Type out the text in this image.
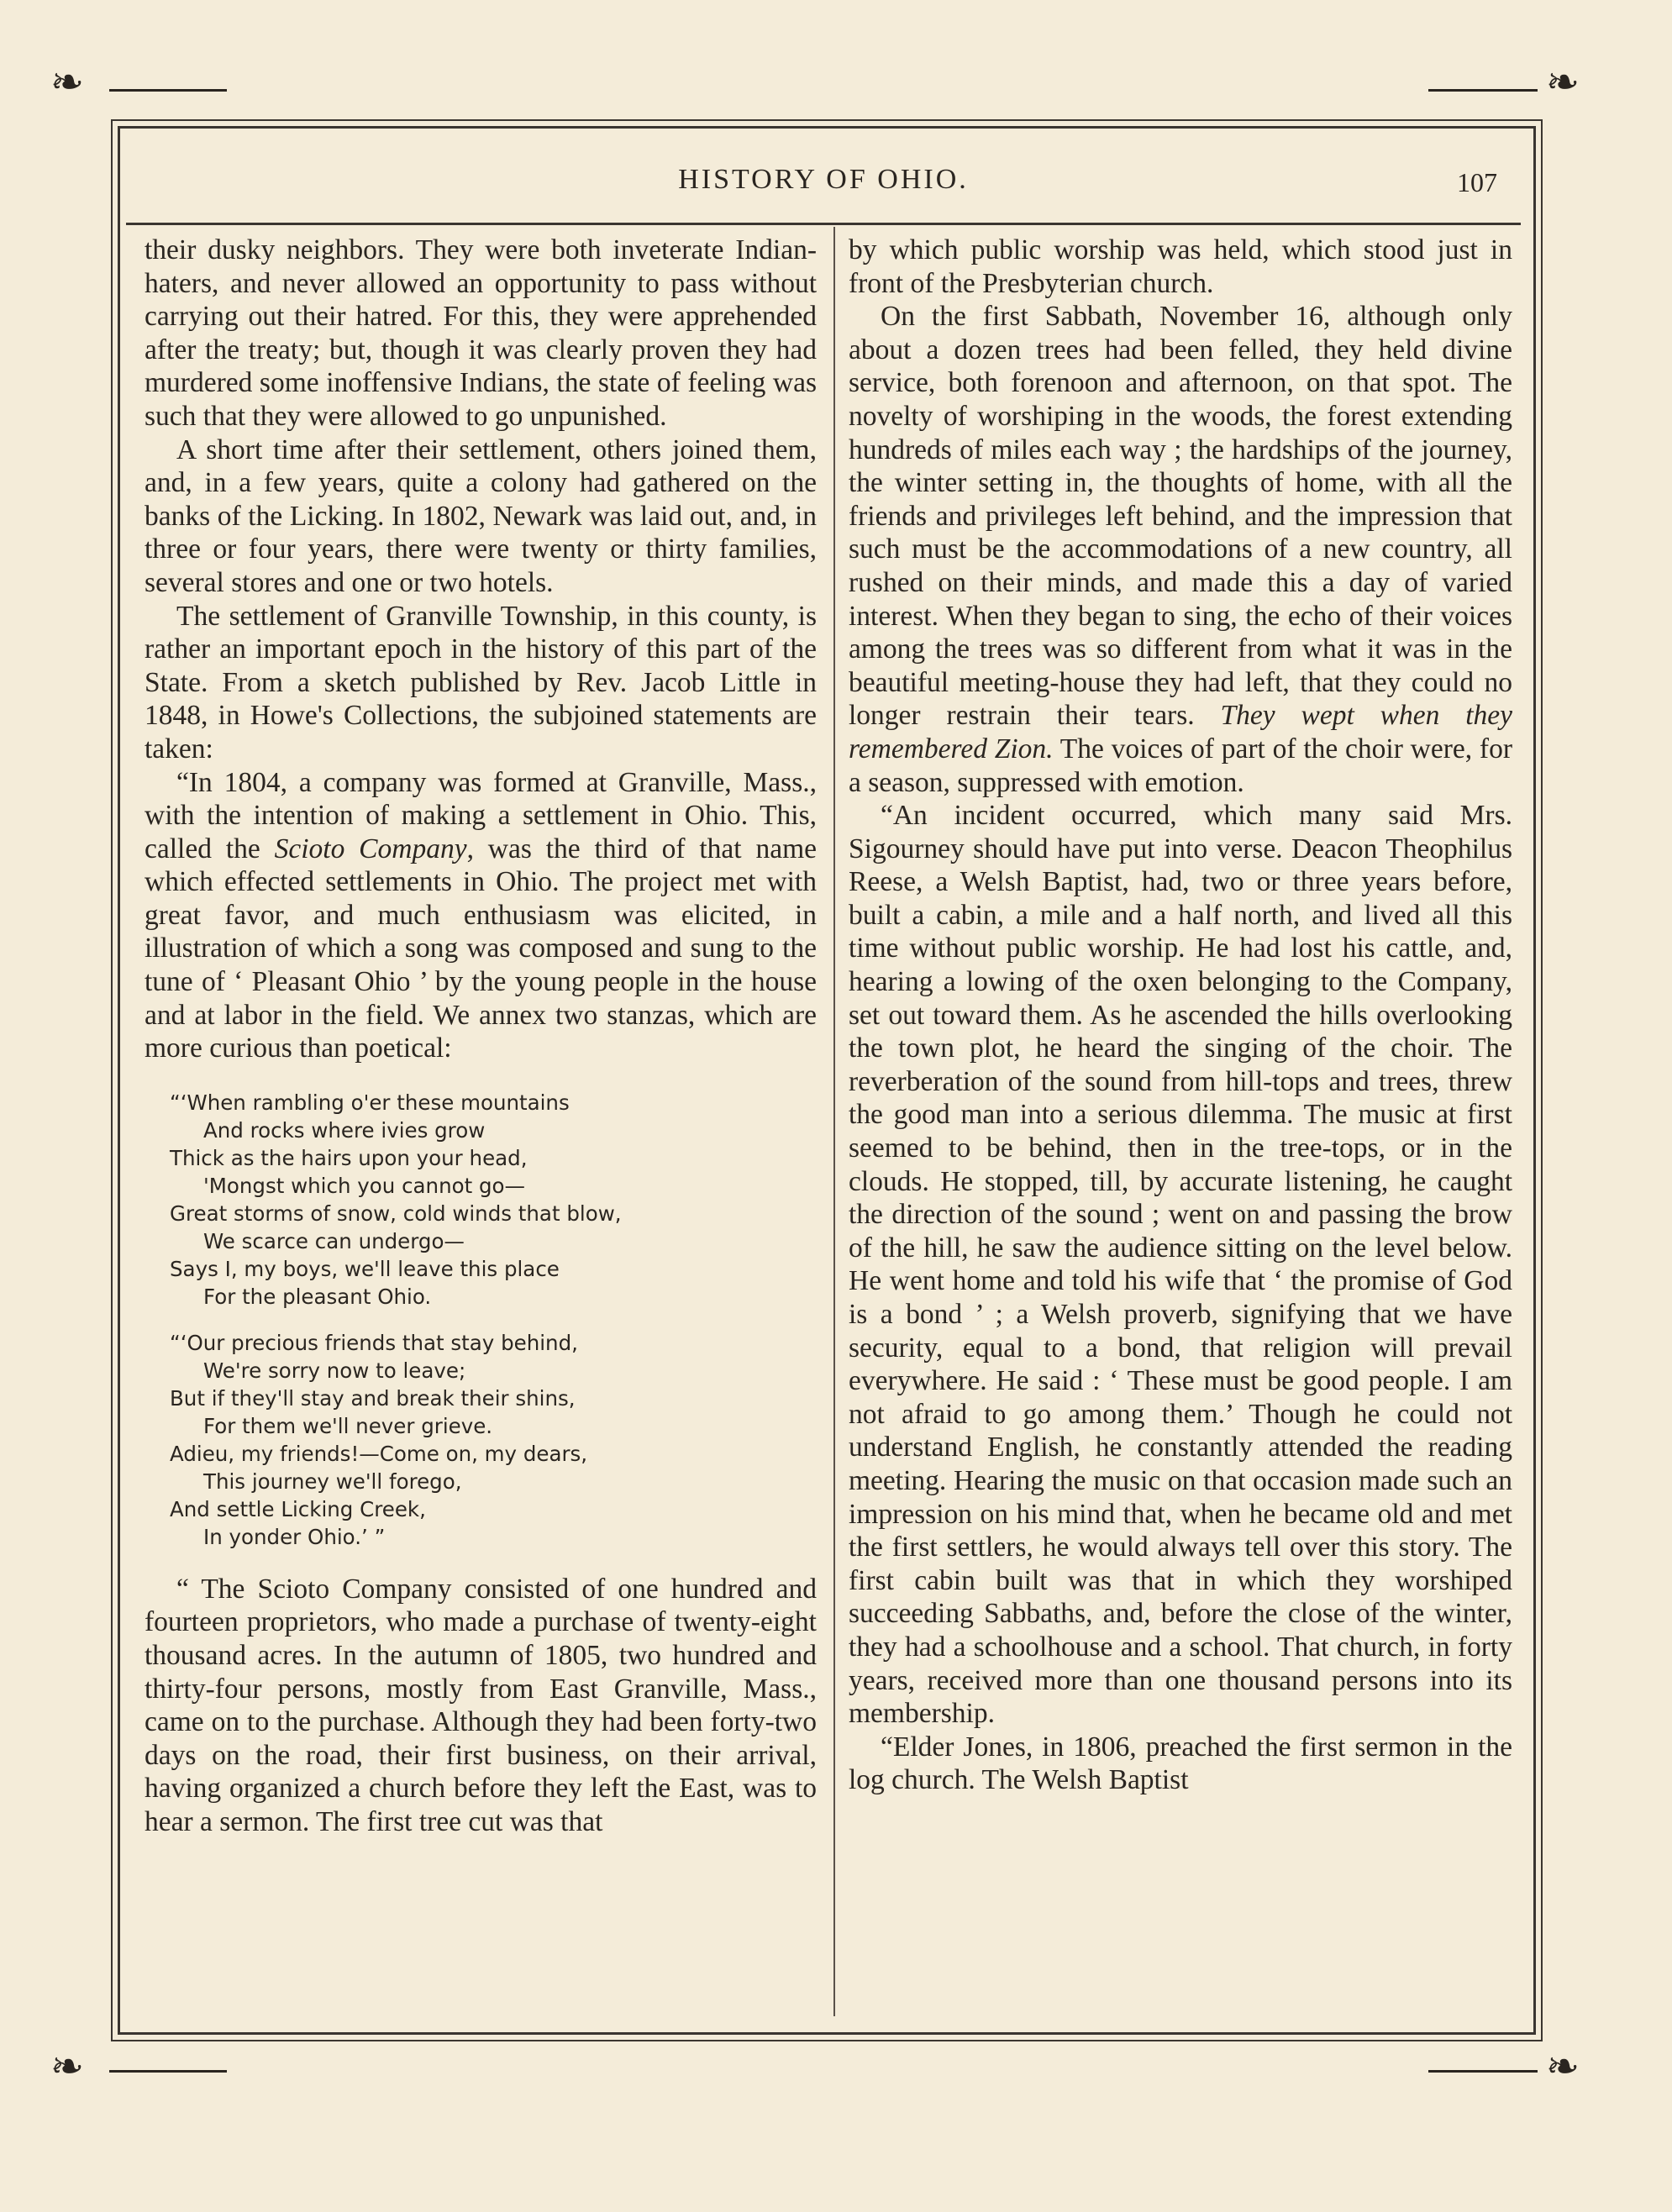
❧	❧
❧	❧
HISTORY OF OHIO.	107

their dusky neighbors. They were both inveterate Indian-haters, and never allowed an opportunity to pass without carrying out their hatred. For this, they were apprehended after the treaty; but, though it was clearly proven they had murdered some inoffensive Indians, the state of feeling was such that they were allowed to go unpunished.

A short time after their settlement, others joined them, and, in a few years, quite a colony had gathered on the banks of the Licking. In 1802, Newark was laid out, and, in three or four years, there were twenty or thirty families, several stores and one or two hotels.

The settlement of Granville Township, in this county, is rather an important epoch in the history of this part of the State. From a sketch published by Rev. Jacob Little in 1848, in Howe's Collections, the subjoined statements are taken:

“In 1804, a company was formed at Granville, Mass., with the intention of making a settlement in Ohio. This, called the Scioto Company, was the third of that name which effected settlements in Ohio. The project met with great favor, and much enthusiasm was elicited, in illustration of which a song was composed and sung to the tune of ‘ Pleasant Ohio ’ by the young people in the house and at labor in the field. We annex two stanzas, which are more curious than poetical:

“‘When rambling o'er these mountains
And rocks where ivies grow
Thick as the hairs upon your head,
'Mongst which you cannot go—
Great storms of snow, cold winds that blow,
We scarce can undergo—
Says I, my boys, we'll leave this place
For the pleasant Ohio.
“‘Our precious friends that stay behind,
We're sorry now to leave;
But if they'll stay and break their shins,
For them we'll never grieve.
Adieu, my friends!—Come on, my dears,
This journey we'll forego,
And settle Licking Creek,
In yonder Ohio.’ ”

“ The Scioto Company consisted of one hundred and fourteen proprietors, who made a purchase of twenty-eight thousand acres. In the autumn of 1805, two hundred and thirty-four persons, mostly from East Granville, Mass., came on to the purchase. Although they had been forty-two days on the road, their first business, on their arrival, having organized a church before they left the East, was to hear a sermon. The first tree cut was that

by which public worship was held, which stood just in front of the Presbyterian church.

On the first Sabbath, November 16, although only about a dozen trees had been felled, they held divine service, both forenoon and afternoon, on that spot. The novelty of worshiping in the woods, the forest extending hundreds of miles each way ; the hardships of the journey, the winter setting in, the thoughts of home, with all the friends and privileges left behind, and the impression that such must be the accommodations of a new country, all rushed on their minds, and made this a day of varied interest. When they began to sing, the echo of their voices among the trees was so different from what it was in the beautiful meeting-house they had left, that they could no longer restrain their tears. They wept when they remembered Zion. The voices of part of the choir were, for a season, suppressed with emotion.

“An incident occurred, which many said Mrs. Sigourney should have put into verse. Deacon Theophilus Reese, a Welsh Baptist, had, two or three years before, built a cabin, a mile and a half north, and lived all this time without public worship. He had lost his cattle, and, hearing a lowing of the oxen belonging to the Company, set out toward them. As he ascended the hills overlooking the town plot, he heard the singing of the choir. The reverberation of the sound from hill-tops and trees, threw the good man into a serious dilemma. The music at first seemed to be behind, then in the tree-tops, or in the clouds. He stopped, till, by accurate listening, he caught the direction of the sound ; went on and passing the brow of the hill, he saw the audience sitting on the level below. He went home and told his wife that ‘ the promise of God is a bond ’ ; a Welsh proverb, signifying that we have security, equal to a bond, that religion will prevail everywhere. He said : ‘ These must be good people. I am not afraid to go among them.’ Though he could not understand English, he constantly attended the reading meeting. Hearing the music on that occasion made such an impression on his mind that, when he became old and met the first settlers, he would always tell over this story. The first cabin built was that in which they worshiped succeeding Sabbaths, and, before the close of the winter, they had a schoolhouse and a school. That church, in forty years, received more than one thousand persons into its membership.

“Elder Jones, in 1806, preached the first sermon in the log church. The Welsh Baptist
